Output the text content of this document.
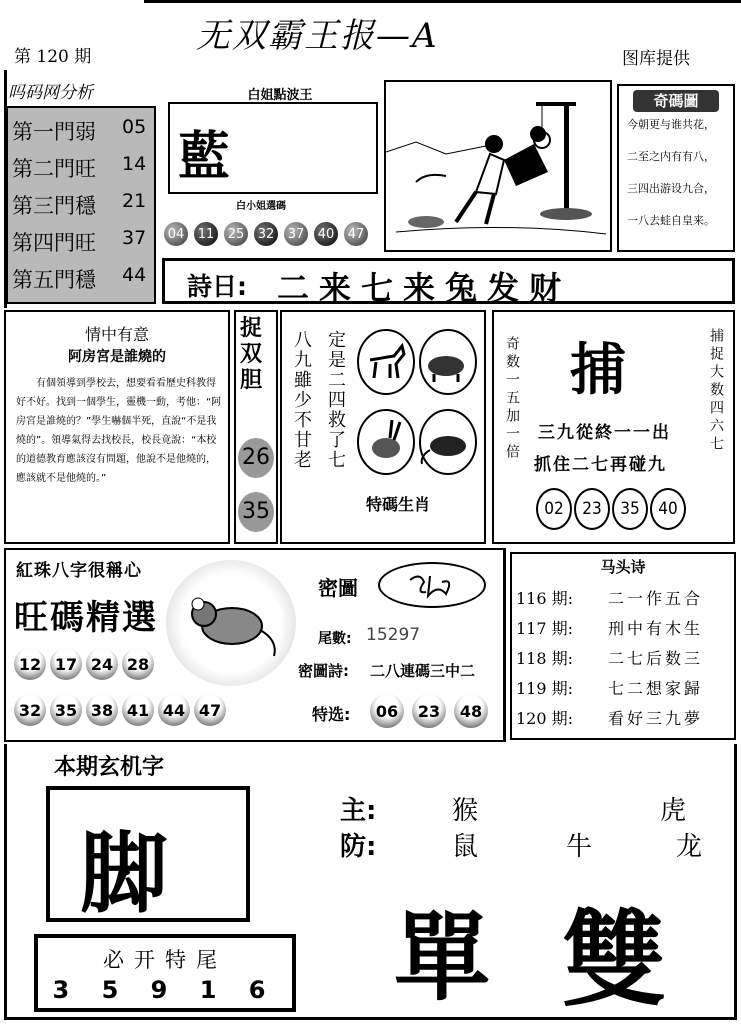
无双霸王报—A
第 120 期	图库提供
吗码网分析
第一門弱 05
第二門旺 14
第三門穩 21
第四門旺 37
第五門穩 44
白姐點波王
藍
白小姐選碼
04 11 25 32 37 40 47
奇碼圖
今朝更与谁共花，
二至之内有有八，
三四出游设九合，
一八去蛙自皇来。
詩日: 二来七来兔发财
情中有意
阿房宮是誰燒的
有個領導到學校去，想要看看歷史科教得好不好。找到一個學生，靈機一動，考他：“阿房宮是誰燒的？”學生嚇個半死，直說“不是我燒的”。領導氣得去找校長，校長竟說：“本校的道德教育應該沒有問題，他說不是他燒的，應該就不是他燒的。”
捉双胆
26
35
八九雖少不甘老 定是二四救了七
特碼生肖
奇数一五加一倍	捕捉大数四六七
捕
三九從終一一出
抓住二七再碰九
02	23	35	40
紅珠八字很稱心
旺碼精選
12 17 24 28
32 35 38 41 44 47
密圖
尾數: 15297
密圖詩: 二八連碼三中二
特选:	06	23	48
马头诗
116 期: 二一作五合
117 期: 刑中有木生
118 期: 二七后数三
119 期: 七二想家歸
120 期: 看好三九夢
本期玄机字
脚
必开特尾
3 5 9 1 6
主:	猴	虎
防:	鼠	牛	龙
單 雙
